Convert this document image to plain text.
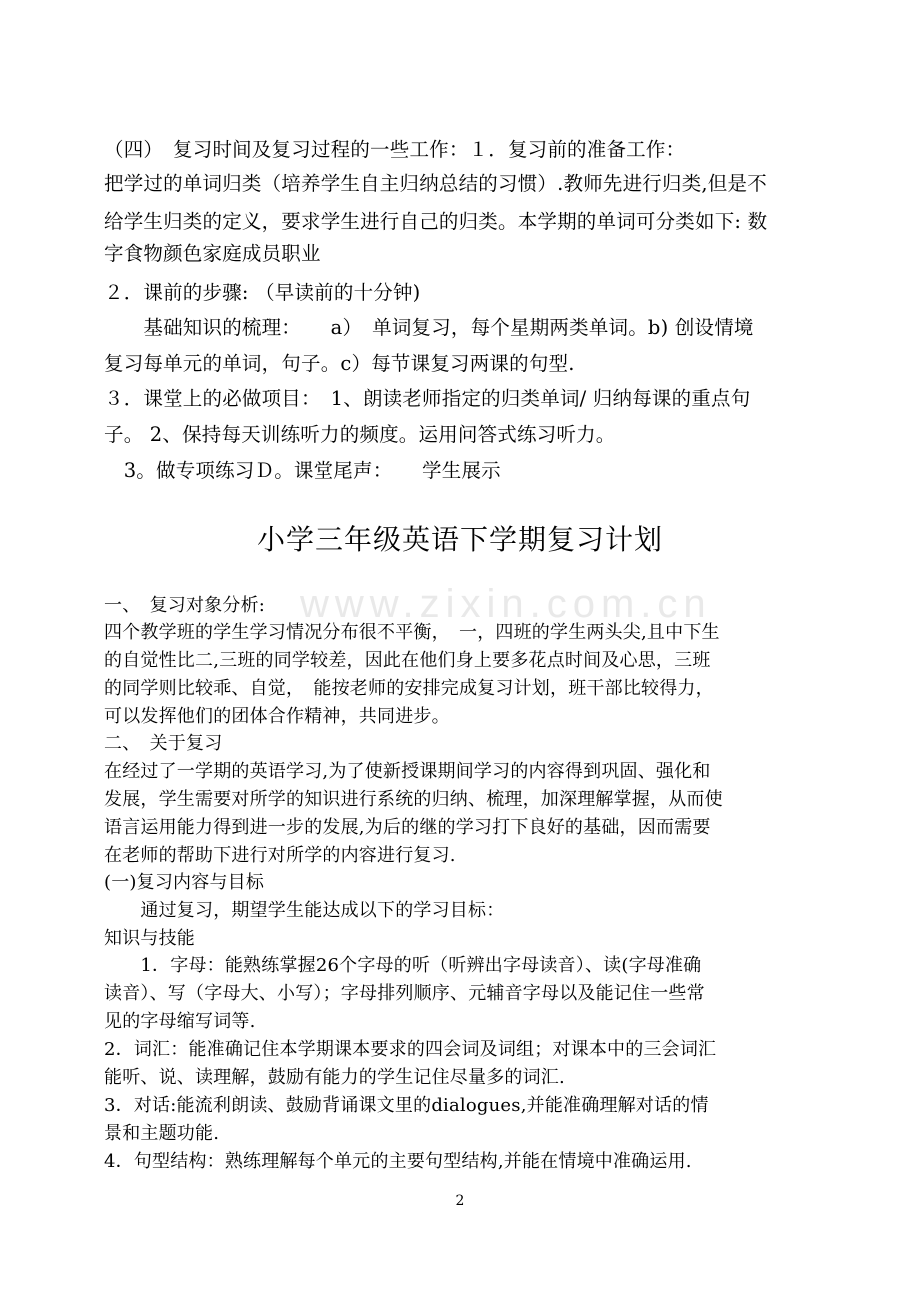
www.zixin.com.cn
（四）　复习时间及复习过程的一些工作：１．复习前的准备工作：
把学过的单词归类（培养学生自主归纳总结的习惯）.教师先进行归类,但是不
给学生归类的定义，要求学生进行自己的归类。本学期的单词可分类如下: 数
字食物颜色家庭成员职业
２．课前的步骤: （早读前的十分钟)
　　基础知识的梳理：　　a）　单词复习，每个星期两类单词。b) 创设情境
复习每单元的单词，句子。c）每节课复习两课的句型.
３．课堂上的必做项目：　1、朗读老师指定的归类单词/ 归纳每课的重点句
子。 2、保持每天训练听力的频度。运用问答式练习听力。
　3。做专项练习Ｄ。课堂尾声：　　学生展示
小学三年级英语下学期复习计划
一、　复习对象分析:
四个教学班的学生学习情况分布很不平衡，　一，四班的学生两头尖,且中下生
的自觉性比二,三班的同学较差，因此在他们身上要多花点时间及心思，三班
的同学则比较乖、自觉，　能按老师的安排完成复习计划，班干部比较得力，
可以发挥他们的团体合作精神，共同进步。
二、　关于复习
在经过了一学期的英语学习,为了使新授课期间学习的内容得到巩固、强化和
发展，学生需要对所学的知识进行系统的归纳、梳理，加深理解掌握，从而使
语言运用能力得到进一步的发展,为后的继的学习打下良好的基础，因而需要
在老师的帮助下进行对所学的内容进行复习.
(一)复习内容与目标
　　通过复习，期望学生能达成以下的学习目标：
知识与技能
　　1．字母：能熟练掌握26个字母的听（听辨出字母读音）、读(字母准确
读音）、写（字母大、小写）；字母排列顺序、元辅音字母以及能记住一些常
见的字母缩写词等.
2．词汇：能准确记住本学期课本要求的四会词及词组；对课本中的三会词汇
能听、说、读理解，鼓励有能力的学生记住尽量多的词汇.
3．对话:能流利朗读、鼓励背诵课文里的dialogues,并能准确理解对话的情
景和主题功能.
4．句型结构：熟练理解每个单元的主要句型结构,并能在情境中准确运用.
2
